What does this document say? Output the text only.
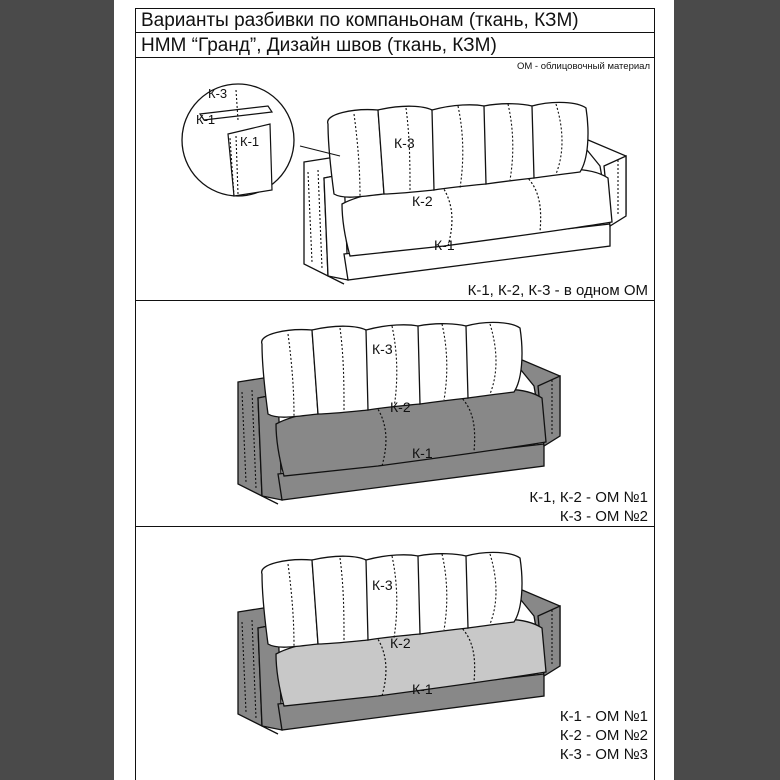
Варианты разбивки по компаньонам (ткань, КЗМ)
НММ “Гранд”, Дизайн швов (ткань, КЗМ)
ОМ - облицовочный материал
К-3
К-1
К-1	К-3
К-2
К-1
К-3
К-2
К-1
К-3
К-2
К-1
К-1, К-2, К-3 - в одном ОМ
К-1, К-2 - ОМ №1
К-3 - ОМ №2
К-1 - ОМ №1
К-2 - ОМ №2
К-3 - ОМ №3
